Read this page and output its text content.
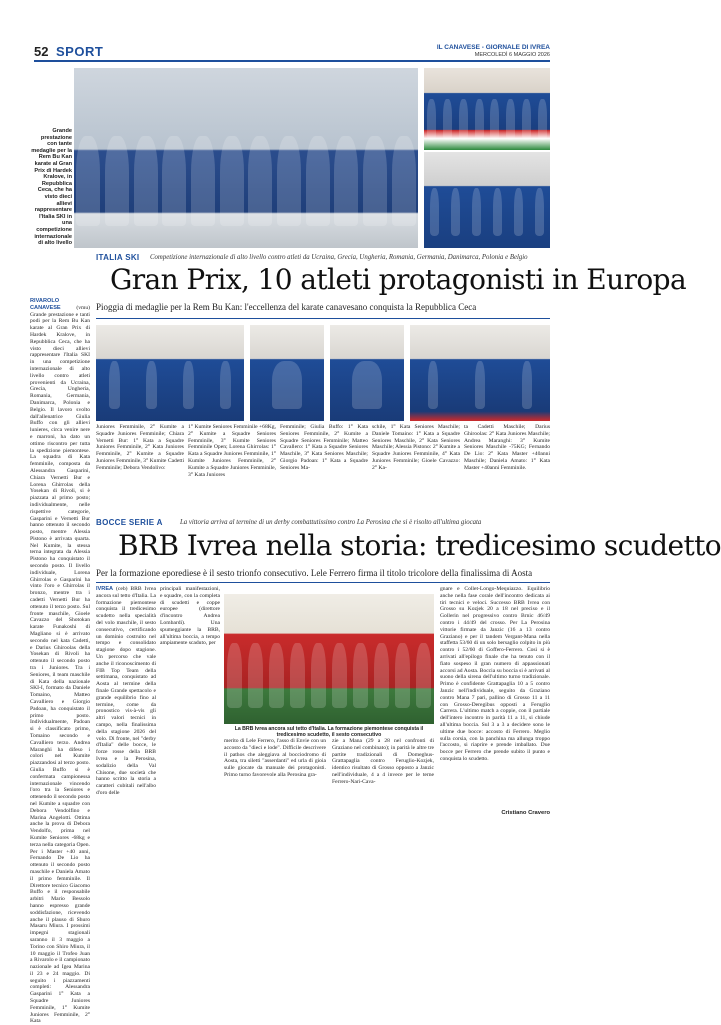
52 SPORT	IL CANAVESE - GIORNALE DI IVREA
MERCOLEDÌ 6 MAGGIO 2026
Grande prestazione con tante medaglie per la Rem Bu Kan karate al Gran Prix di Hardek Kralove, in Repubblica Ceca, che ha visto dieci allievi rappresentare l'Italia SKI in una competizione internazionale di alto livello
ITALIA SKI Competizione internazionale di alto livello contro atleti da Ucraina, Grecia, Ungheria, Romania, Germania, Danimarca, Polonia e Belgio
Gran Prix, 10 atleti protagonisti in Europa
Pioggia di medaglie per la Rem Bu Kan: l'eccellenza del karate canavesano conquista la Repubblica Ceca
RIVAROLO CANAVESE	(vmu) Grande prestazione e tanti podi per la Rem Bu Kan karate al Gran Prix di Hardek Kralove, in Repubblica Ceca, che ha visto dieci allievi rappresentare l'Italia SKI in una competizione internazionale di alto livello contro atleti provenienti da Ucraina, Grecia, Ungheria, Romania, Germania, Danimarca, Polonia e Belgio. Il lavoro svolto dall'allenatrice Giulia Buffo con gli allievi lunieres, circa venire nere e marroni, ha dato un ottimo riscontro per tutta la spedizione piemontese. La squadra di Kata femminile, composta da Alessandra Gasparini, Chiara Vernetti Bur e Lorena Ghirrolas della Yosekan di Rivoli, si è piazzata al primo posto; individualmente, nelle rispettive categorie, Gasparini e Vernetti Bur hanno ottenuto il secondo posto, mentre Alessia Pistono è arrivata quarta. Nel Kumite, la stessa terna integrata da Alessia Pistono ha conquistato il secondo posto. Il livello individuale, Lorena Ghirrolas e Gasparini ha vinto l'oro e Ghirrolas il bronzo, mentre tra i cadetti Vernetti Bur ha ottenuto il terzo posto. Sul fronte maschile, Gioele Cavazzo del Shotokan karate Funakoshi di Magliano si è arrivato secondo nel kata Cadetti, e Darius Ghiroolas della Yosekan di Rivoli ha ottenuto il secondo posto tra i Juniores. Tra i Seniores, il team maschile di Kata della nazionale SKI-I, formato da Daniele Tomaino, Matteo Cavalliero e Giorgio Padoan, ha conquistato il primo posto. Individualmente, Padoan si è classificato primo, Tomaino secondo e Cavalliero terzo. Andrea Maranghi ha difeso i colori nel Kumite piazzandosi al terzo posto. Giulia Buffo si è confermata campionessa internazionale vincendo l'oro tra la Seniores e ottenendo il secondo posto nel Kumite a squadre con Debora Vendolfino e Marina Angelotti. Ottima anche la prova di Debora Vendolfo, prima nel Kumite Seniores -68kg e terza nella categoria Open. Per i Master +40 anni, Fernando De Lio ha ottenuto il secondo posto maschile e Daniela Amato il primo femminile. Il Direttore tecnico Giacomo Buffo e il responsabile arbitri Mario Bessolo hanno espresso grande soddisfazione, ricevendo anche il plauso di Shuro Masaru Miura. I prossimi impegni stagionali saranno il 3 maggio a Torino con Shiro Miura, il 10 maggio il Trofeo Juan a Rivarolo e il campionato nazionale ad Igea Marina il 23 e 24 maggio. Di seguito i piazzamenti completi: Alessandra Gasparini 1° Kata a Squadre Juniores Femminile, 1° Kumite Juniores Femminile, 2° Kata
Juniores Femminile, 2° Kumite a Squadre Juniores Femminile; Chiara Vernetti Bur: 1° Kata a Squadre Juniores Femminile, 2° Kata Juniores Femminile, 2° Kumite a Squadre Juniores Femminile, 3° Kumite Cadetti Femminile; Debora Vendolivo:
1° Kumite Seniores Femminile +68Kg, 2° Kumite a Squadre Seniores Femminile, 3° Kumite Seniores Femminile Open; Lorena Ghirrolas: 1° Kata a Squadre Juniores Femminile, 1° Kumite Juniores Femminile, 2° Kumite a Squadre Juniores Femminile, 3° Kata Juniores
Femminile; Giulia Buffo: 1° Kata Seniores Femminile, 2° Kumite a Squadre Seniores Femminile; Matteo Cavallero: 1° Kata a Squadre Seniores Maschile, 3° Kata Seniores Maschile; Giorgio Padoan: 1° Kata a Squadre Seniores Ma-
schile, 1° Kata Seniores Maschile; Daniele Tomaino: 1° Kata a Squadre Seniores Maschile, 2° Kata Seniores Maschile; Alessia Pistono: 2° Kumite a Squadre Juniores Femminile, 4° Kata Juniores Femminile; Gioele Cavazzo: 2° Ka-
ta Cadetti Maschile; Darius Ghiroolas: 2° Kata Juniores Maschile; Andrea Maranghi: 3° Kumite Seniores Maschile -75KG; Fernando De Lio: 2° Kata Master +40anni Maschile; Daniela Amato: 1° Kata Master +40anni Femminile.
BOCCE SERIE A	La vittoria arriva al termine di un derby combattutissimo contro La Perosina che si è risolto all'ultima giocata
BRB Ivrea nella storia: tredicesimo scudetto
Per la formazione eporediese è il sesto trionfo consecutivo. Lele Ferrero firma il titolo tricolore della finalissima di Aosta
IVREA (ceb) BRB Ivrea ancora sul tetto d'Italia. La formazione piemontese conquista il tredicesimo scudetto nella specialità del volo maschile, il sesto consecutivo, certificando un dominio costruito nel tempo e consolidato stagione dopo stagione. Un percorso che vale anche il riconoscimento di FIB Top Team della settimana, conquistato ad Aosta al termine della finale Grande spettacolo e grande equilibrio fino al termine, come da pronostico vis-à-vis gli altri valori tecnici in campo, nella finalissima della stagione 2026 del volo. Di fronte, nel "derby d'Italia" delle bocce, le forze rosse della BRB Ivrea e la Perosina, sodalizio della Val Chisone, due società che hanno scritto la storia a caratteri cubitali nell'albo d'oro delle
principali manifestazioni, e squadre, con la completa di scudetti e coppe europee (direttore d'incontro Andrea Lombardi). Una spumeggiante la BRB, all'ultima boccia, a tempo ampiamente scaduto, per
La BRB Ivrea ancora sul tetto d'Italia. La formazione piemontese conquista il tredicesimo scudetto, il sesto consecutivo
merito di Lele Ferrero, l'asso di Envie con un accosto da "dieci e lode". Difficile descrivere il pathos che aleggiava al bocciodromo di Aosta, tra siletti "asserdanti" ed urla di gioia sulle giocate da manuale dei protagonisti. Primo turno favorevole alla Perosina gra-
zie a Mana (29 a 28 nel confronti di Graziano nel combinato); in parità le altre tre partite tradizionali di Domeghus-Grattapaglia contro Feruglio-Kozjek, identico risultato di Grosso opposto a Janzic nell'individuale, 4 a 4 invece per le terne Ferrero-Nari-Cava-
gnare e Collet-Longo-Mequiazzo. Equilibrio anche nella fase corale dell'incontro dedicata ai tiri tecnici e veloci. Successo BRB Ivrea con Grosso su Kozjek 20 a 18 nel preciso e il Gollerin nel progressivo contro Brnic 46/49 contro i 44/49 del crosso. Per La Perosina vittorie firmate da Janzic (16 a 13 contro Graziano) e per il tandem Vergant-Mana nella staffetta 53/60 di un solo bersaglio colpito in più contro i 52/60 di Goffero-Ferrero. Così si è arrivati all'epilogo finale che ha tenuto con il fiato sospeso il gran numero di appassionati accorsi ad Aosta. Boccia su boccia si è arrivati al suono della sirena dell'ultimo turno tradizionale. Primo è confidente Grattapaglia 10 a 5 contro Janzic nell'individuale, seguito da Graziano contro Mana 7 pari, pallino di Grosso 11 a 11 con Grosso-Deregibus opposti a Feruglio Carrera. L'ultimo match a coppie, con il partiale dell'intero incontro in parità 11 a 11, si chiude all'ultima boccia. Sul 3 a 3 a decidere sono le ultime due bocce: accosto di Ferrero. Meglio sulla corsia, con la panchina ma allunga troppo l'accosto, si riaprire e prende imballato. Due bocce per Ferrero che prende subito il punto e conquista lo scudetto.
Cristiano Cravero
